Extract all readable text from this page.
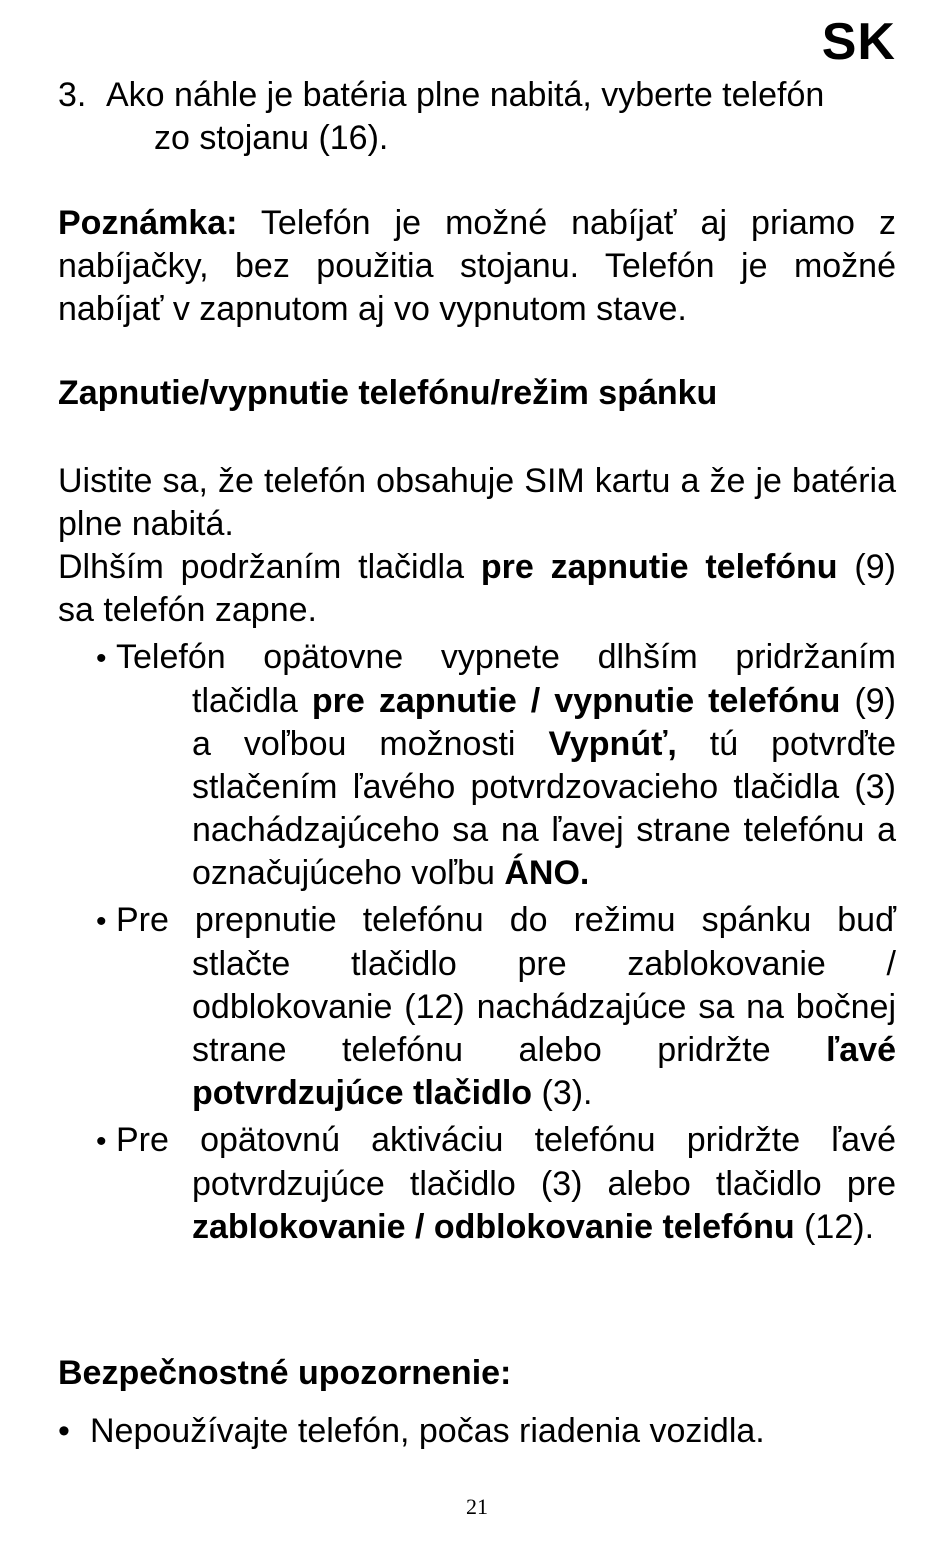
SK
3. Ako náhle je batéria plne nabitá, vyberte telefón
zo stojanu (16).

Poznámka: Telefón je možné nabíjať aj priamo z nabíjačky, bez použitia stojanu. Telefón je možné nabíjať v zapnutom aj vo vypnutom stave.

Zapnutie/vypnutie telefónu/režim spánku

Uistite sa, že telefón obsahuje SIM kartu a že je batéria plne nabitá.

Dlhším podržaním tlačidla pre zapnutie telefónu (9) sa telefón zapne.

• Telefón opätovne vypnete dlhším pridržaním tlačidla pre zapnutie / vypnutie telefónu (9) a voľbou možnosti Vypnúť, tú potvrďte stlačením ľavého potvrdzovacieho tlačidla (3) nachádzajúceho sa na ľavej strane telefónu a označujúceho voľbu ÁNO.

• Pre prepnutie telefónu do režimu spánku buď stlačte tlačidlo pre zablokovanie / odblokovanie (12) nachádzajúce sa na bočnej strane telefónu alebo pridržte ľavé potvrdzujúce tlačidlo (3).

• Pre opätovnú aktiváciu telefónu pridržte ľavé potvrdzujúce tlačidlo (3) alebo tlačidlo pre zablokovanie / odblokovanie telefónu (12).

Bezpečnostné upozornenie:
• Nepoužívajte telefón, počas riadenia vozidla.
21
